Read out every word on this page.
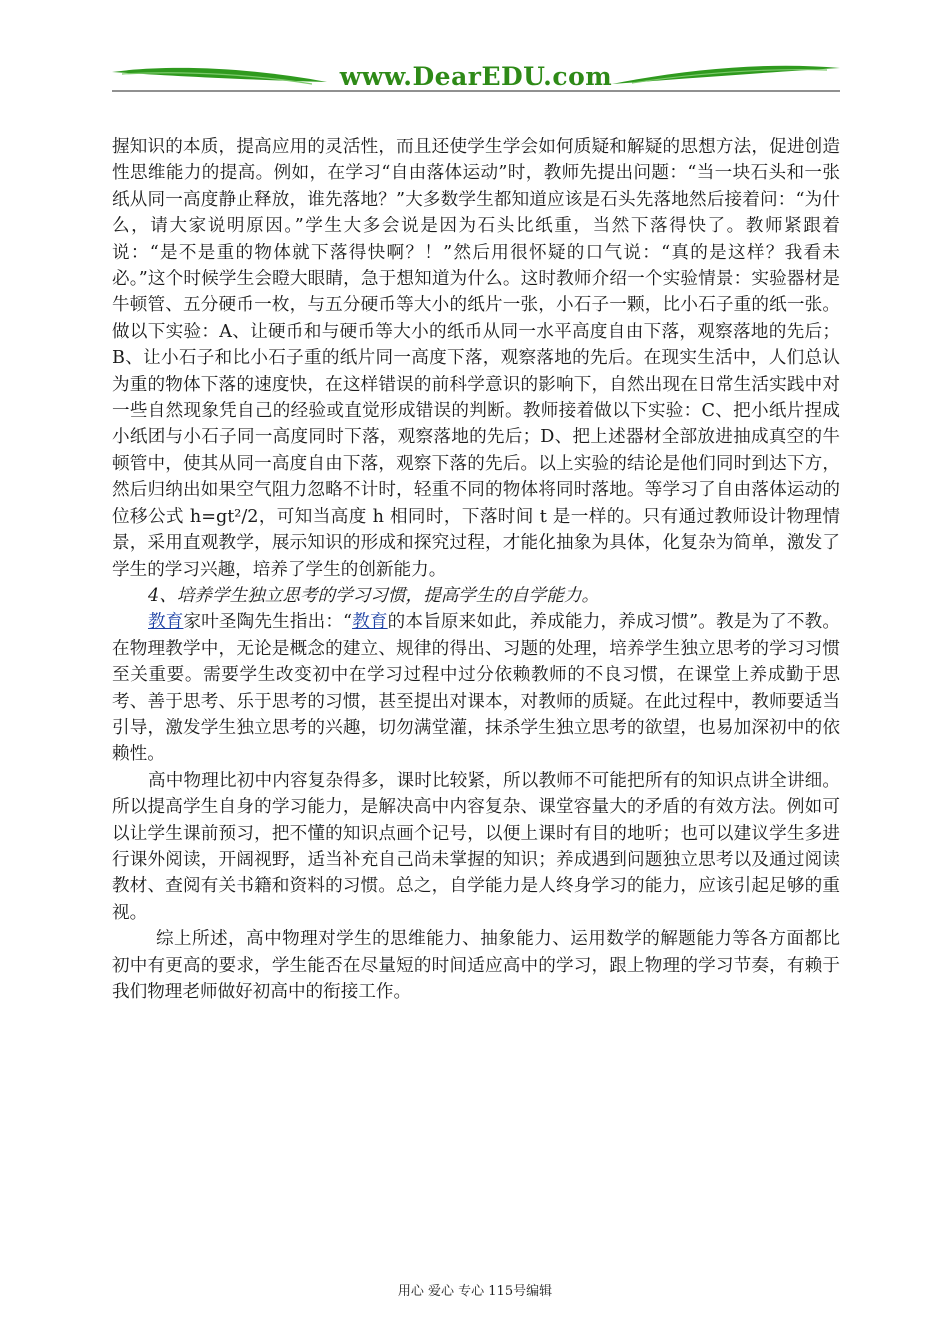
www.DearEDU.com

握知识的本质，提高应用的灵活性，而且还使学生学会如何质疑和解疑的思想方法，促进创造性思维能力的提高。例如，在学习“自由落体运动”时，教师先提出问题：“当一块石头和一张纸从同一高度静止释放，谁先落地？”大多数学生都知道应该是石头先落地然后接着问：“为什么，请大家说明原因。”学生大多会说是因为石头比纸重，当然下落得快了。教师紧跟着说：“是不是重的物体就下落得快啊？！”然后用很怀疑的口气说：“真的是这样？我看未必。”这个时候学生会瞪大眼睛，急于想知道为什么。这时教师介绍一个实验情景：实验器材是牛顿管、五分硬币一枚，与五分硬币等大小的纸片一张，小石子一颗，比小石子重的纸一张。做以下实验：A、让硬币和与硬币等大小的纸币从同一水平高度自由下落，观察落地的先后；B、让小石子和比小石子重的纸片同一高度下落，观察落地的先后。在现实生活中，人们总认为重的物体下落的速度快，在这样错误的前科学意识的影响下，自然出现在日常生活实践中对一些自然现象凭自己的经验或直觉形成错误的判断。教师接着做以下实验：C、把小纸片捏成小纸团与小石子同一高度同时下落，观察落地的先后；D、把上述器材全部放进抽成真空的牛顿管中，使其从同一高度自由下落，观察下落的先后。以上实验的结论是他们同时到达下方，然后归纳出如果空气阻力忽略不计时，轻重不同的物体将同时落地。等学习了自由落体运动的位移公式 h=gt²/2，可知当高度 h 相同时，下落时间 t 是一样的。只有通过教师设计物理情景，采用直观教学，展示知识的形成和探究过程，才能化抽象为具体，化复杂为简单，激发了学生的学习兴趣，培养了学生的创新能力。

4、培养学生独立思考的学习习惯，提高学生的自学能力。

教育家叶圣陶先生指出：“教育的本旨原来如此，养成能力，养成习惯”。教是为了不教。在物理教学中，无论是概念的建立、规律的得出、习题的处理，培养学生独立思考的学习习惯至关重要。需要学生改变初中在学习过程中过分依赖教师的不良习惯，在课堂上养成勤于思考、善于思考、乐于思考的习惯，甚至提出对课本，对教师的质疑。在此过程中，教师要适当引导，激发学生独立思考的兴趣，切勿满堂灌，抹杀学生独立思考的欲望，也易加深初中的依赖性。

高中物理比初中内容复杂得多，课时比较紧，所以教师不可能把所有的知识点讲全讲细。所以提高学生自身的学习能力，是解决高中内容复杂、课堂容量大的矛盾的有效方法。例如可以让学生课前预习，把不懂的知识点画个记号，以便上课时有目的地听；也可以建议学生多进行课外阅读，开阔视野，适当补充自己尚未掌握的知识；养成遇到问题独立思考以及通过阅读教材、查阅有关书籍和资料的习惯。总之，自学能力是人终身学习的能力，应该引起足够的重视。

综上所述，高中物理对学生的思维能力、抽象能力、运用数学的解题能力等各方面都比初中有更高的要求，学生能否在尽量短的时间适应高中的学习，跟上物理的学习节奏，有赖于我们物理老师做好初高中的衔接工作。

用心 爱心 专心 115号编辑
